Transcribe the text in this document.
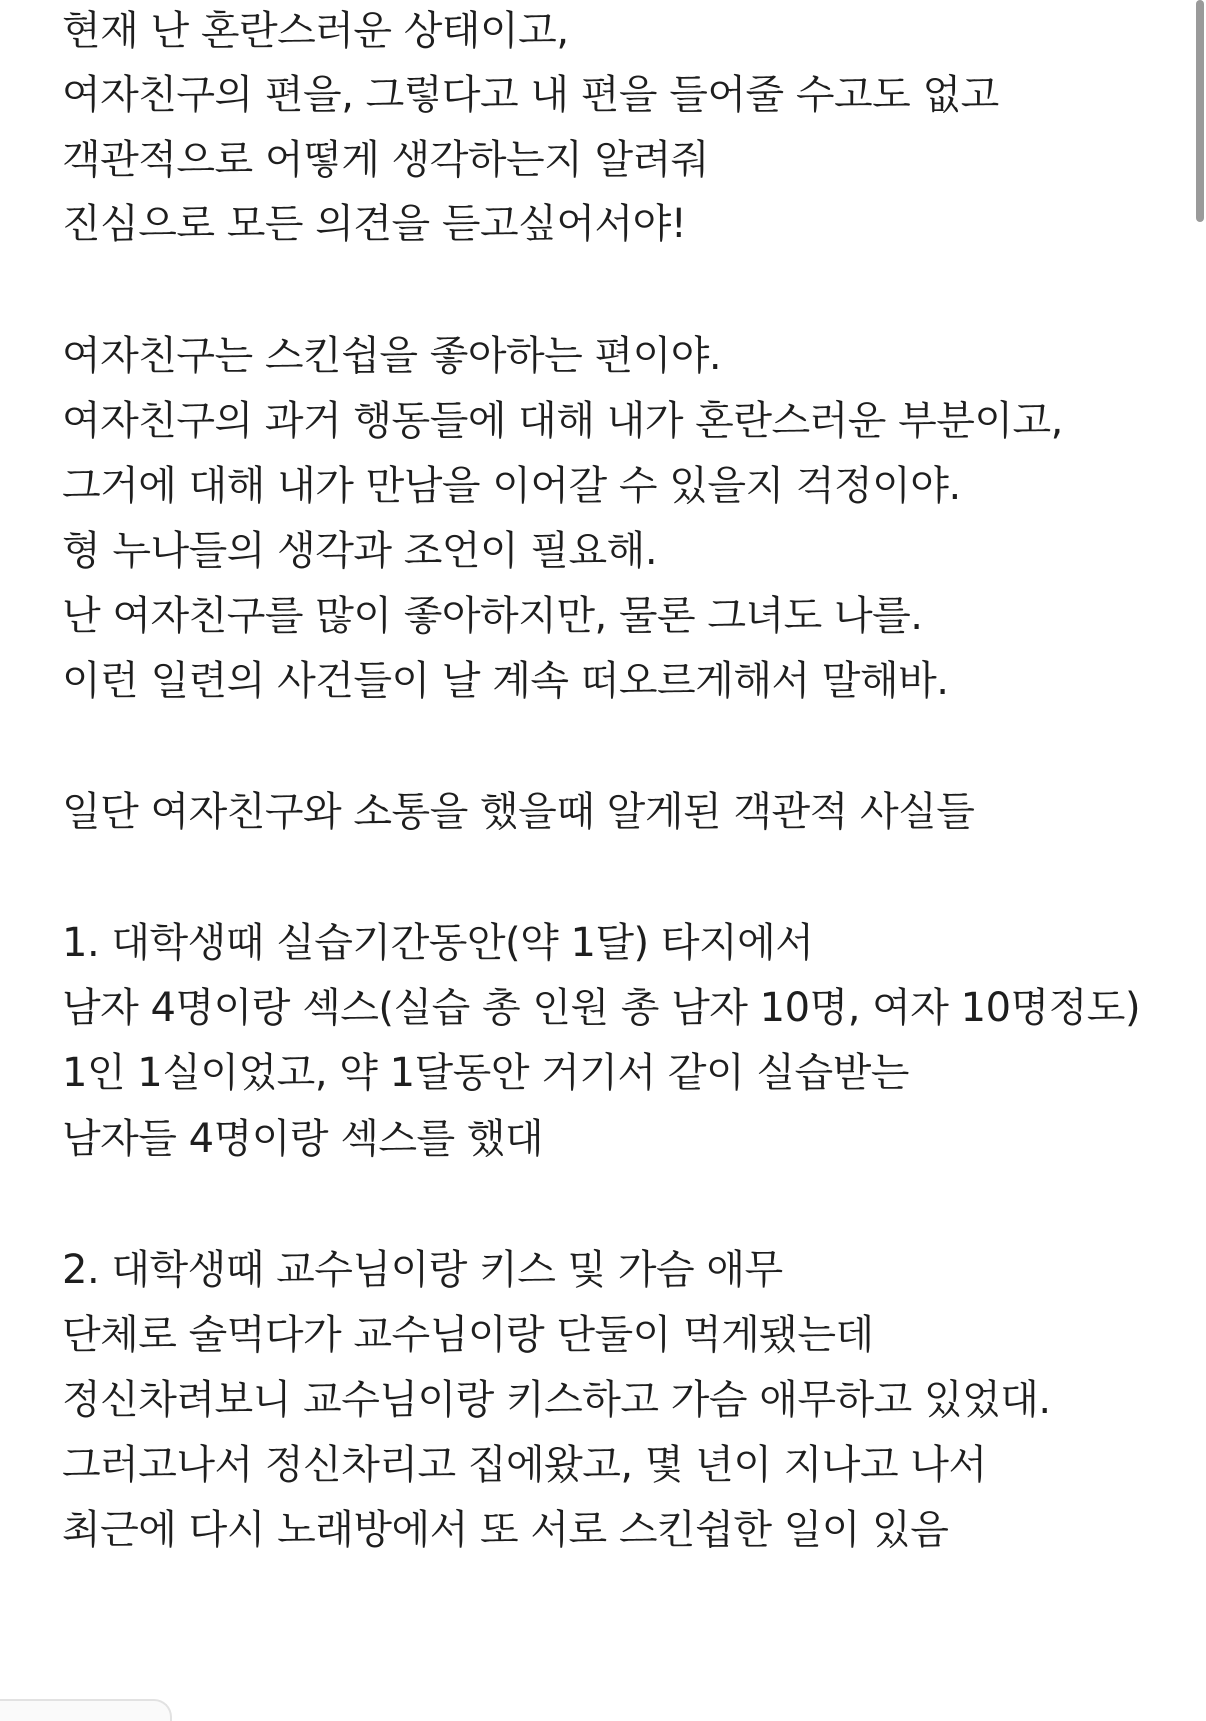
현재 난 혼란스러운 상태이고,
여자친구의 편을, 그렇다고 내 편을 들어줄 수고도 없고
객관적으로 어떻게 생각하는지 알려줘
진심으로 모든 의견을 듣고싶어서야!
여자친구는 스킨쉽을 좋아하는 편이야.
여자친구의 과거 행동들에 대해 내가 혼란스러운 부분이고,
그거에 대해 내가 만남을 이어갈 수 있을지 걱정이야.
형 누나들의 생각과 조언이 필요해.
난 여자친구를 많이 좋아하지만, 물론 그녀도 나를.
이런 일련의 사건들이 날 계속 떠오르게해서 말해바.
일단 여자친구와 소통을 했을때 알게된 객관적 사실들
1. 대학생때 실습기간동안(약 1달) 타지에서
남자 4명이랑 섹스(실습 총 인원 총 남자 10명, 여자 10명정도)
1인 1실이었고, 약 1달동안 거기서 같이 실습받는
남자들 4명이랑 섹스를 했대
2. 대학생때 교수님이랑 키스 및 가슴 애무
단체로 술먹다가 교수님이랑 단둘이 먹게됐는데
정신차려보니 교수님이랑 키스하고 가슴 애무하고 있었대.
그러고나서 정신차리고 집에왔고, 몇 년이 지나고 나서
최근에 다시 노래방에서 또 서로 스킨쉽한 일이 있음
